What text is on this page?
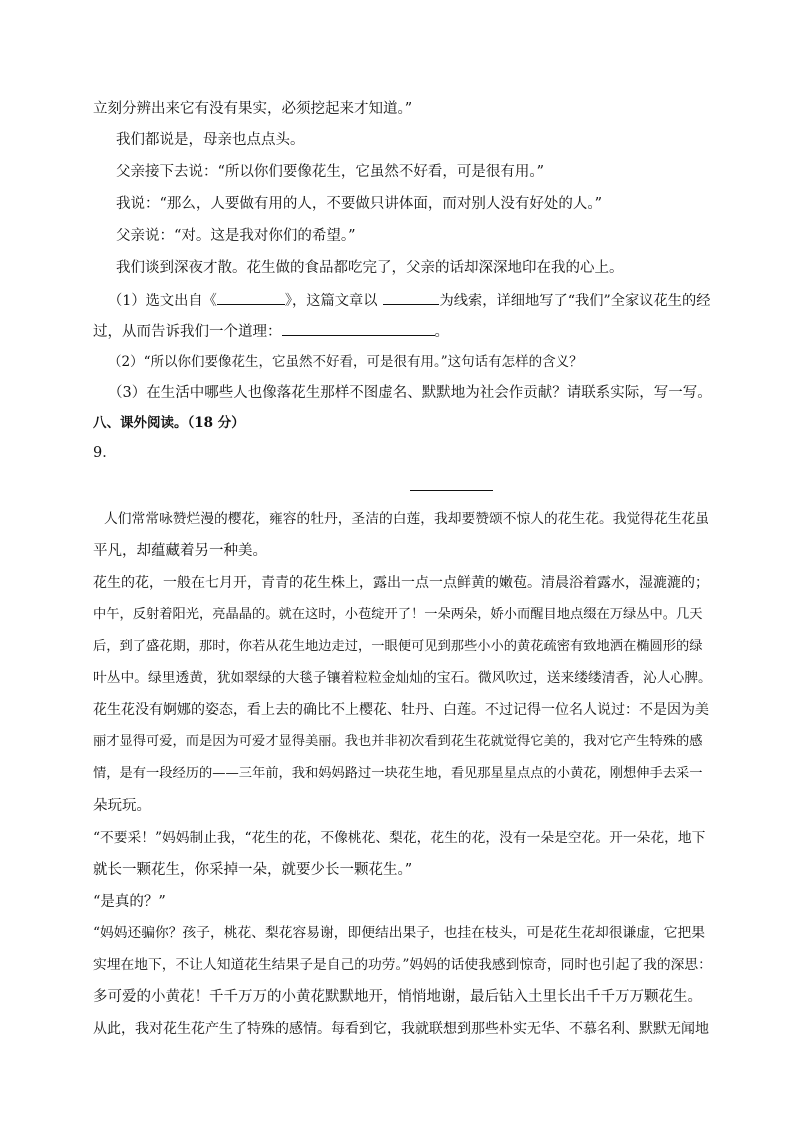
立刻分辨出来它有没有果实，必须挖起来才知道。”
我们都说是，母亲也点点头。
父亲接下去说：“所以你们要像花生，它虽然不好看，可是很有用。”
我说：“那么，人要做有用的人，不要做只讲体面，而对别人没有好处的人。”
父亲说：“对。这是我对你们的希望。”
我们谈到深夜才散。花生做的食品都吃完了，父亲的话却深深地印在我的心上。
（1）选文出自《	》，这篇文章以	为线索，详细地写了“我们”全家议花生的经
过，从而告诉我们一个道理：	。
（2）“所以你们要像花生，它虽然不好看，可是很有用。”这句话有怎样的含义？
（3）在生活中哪些人也像落花生那样不图虚名、默默地为社会作贡献？请联系实际，写一写。
八、课外阅读。（18 分）
9．
人们常常咏赞烂漫的樱花，雍容的牡丹，圣洁的白莲，我却要赞颂不惊人的花生花。我觉得花生花虽
平凡，却蕴藏着另一种美。
花生的花，一般在七月开，青青的花生株上，露出一点一点鲜黄的嫩苞。清晨浴着露水，湿漉漉的；
中午，反射着阳光，亮晶晶的。就在这时，小苞绽开了！一朵两朵，娇小而醒目地点缀在万绿丛中。几天
后，到了盛花期，那时，你若从花生地边走过，一眼便可见到那些小小的黄花疏密有致地洒在椭圆形的绿
叶丛中。绿里透黄，犹如翠绿的大毯子镶着粒粒金灿灿的宝石。微风吹过，送来缕缕清香，沁人心脾。
花生花没有婀娜的姿态，看上去的确比不上樱花、牡丹、白莲。不过记得一位名人说过：不是因为美
丽才显得可爱，而是因为可爱才显得美丽。我也并非初次看到花生花就觉得它美的，我对它产生特殊的感
情，是有一段经历的——三年前，我和妈妈路过一块花生地，看见那星星点点的小黄花，刚想伸手去采一
朵玩玩。
“不要采！”妈妈制止我，“花生的花，不像桃花、梨花，花生的花，没有一朵是空花。开一朵花，地下
就长一颗花生，你采掉一朵，就要少长一颗花生。”
“是真的？”
“妈妈还骗你？孩子，桃花、梨花容易谢，即便结出果子，也挂在枝头，可是花生花却很谦虚，它把果
实埋在地下，不让人知道花生结果子是自己的功劳。”妈妈的话使我感到惊奇，同时也引起了我的深思：
多可爱的小黄花！千千万万的小黄花默默地开，悄悄地谢，最后钻入土里长出千千万万颗花生。
从此，我对花生花产生了特殊的感情。每看到它，我就联想到那些朴实无华、不慕名利、默默无闻地
